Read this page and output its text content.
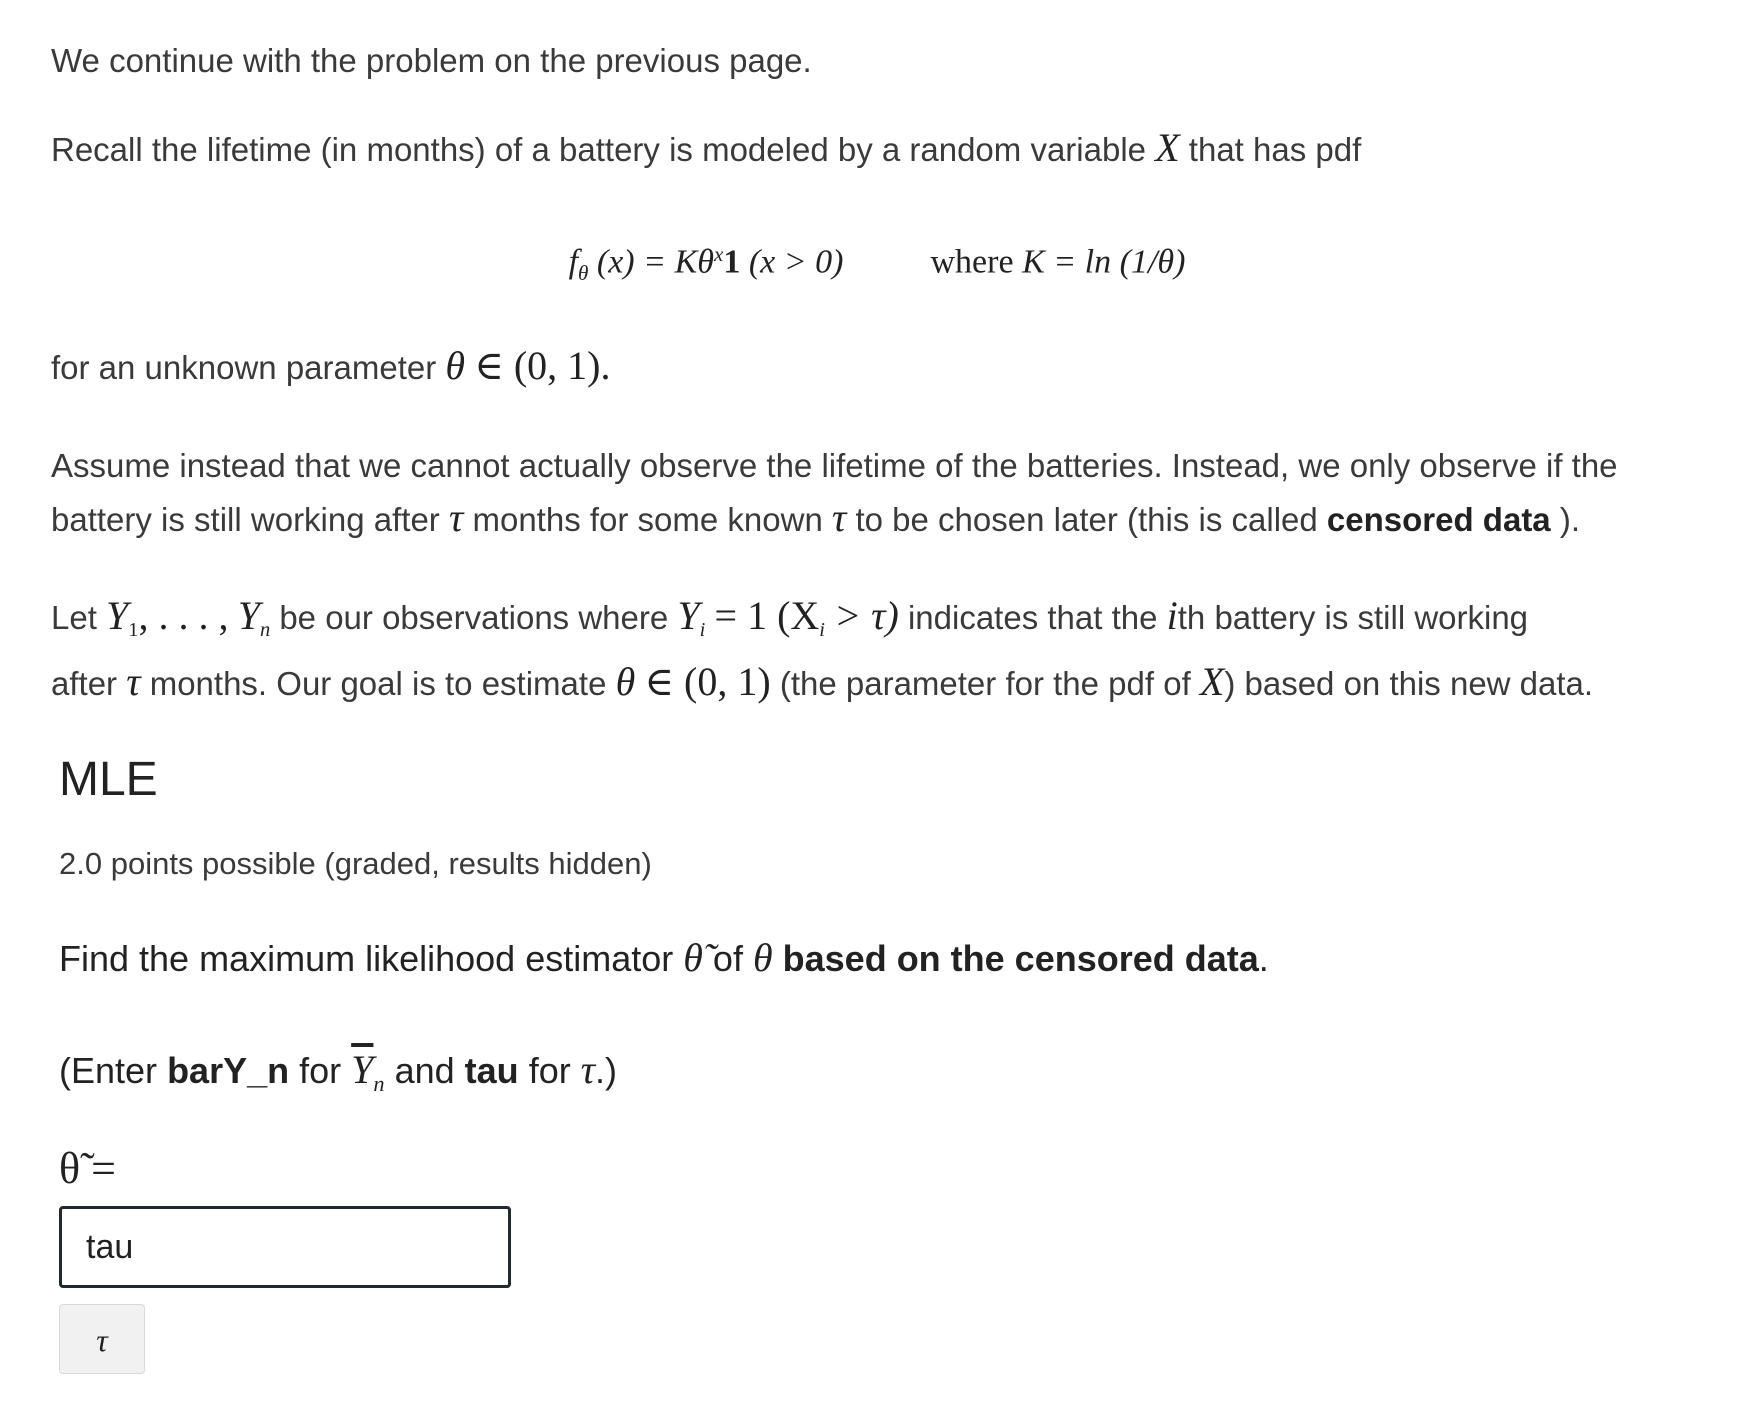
We continue with the problem on the previous page.
Recall the lifetime (in months) of a battery is modeled by a random variable X that has pdf
$f_\theta$ $(x) = K\theta^x1$ (x > 0)	where K = ln (1/θ)
for an unknown parameter θ ∈ (0, 1).
Assume instead that we cannot actually observe the lifetime of the batteries. Instead, we only observe if the
battery is still working after τ months for some known τ to be chosen later (this is called censored data ).
Let $Y_1$, . . . , $Y_n$ be our observations where $Y_i = 1$ $(X_i > \tau)$ indicates that the ith battery is still working
after τ months. Our goal is to estimate θ ∈ (0, 1) (the parameter for the pdf of X) based on this new data.
MLE
2.0 points possible (graded, results hidden)
Find the maximum likelihood estimator θ̃ of θ based on the censored data.
(Enter barY_n for $\overline{Y}_n$ and tau for τ.)
θ̃ =
tau
τ
